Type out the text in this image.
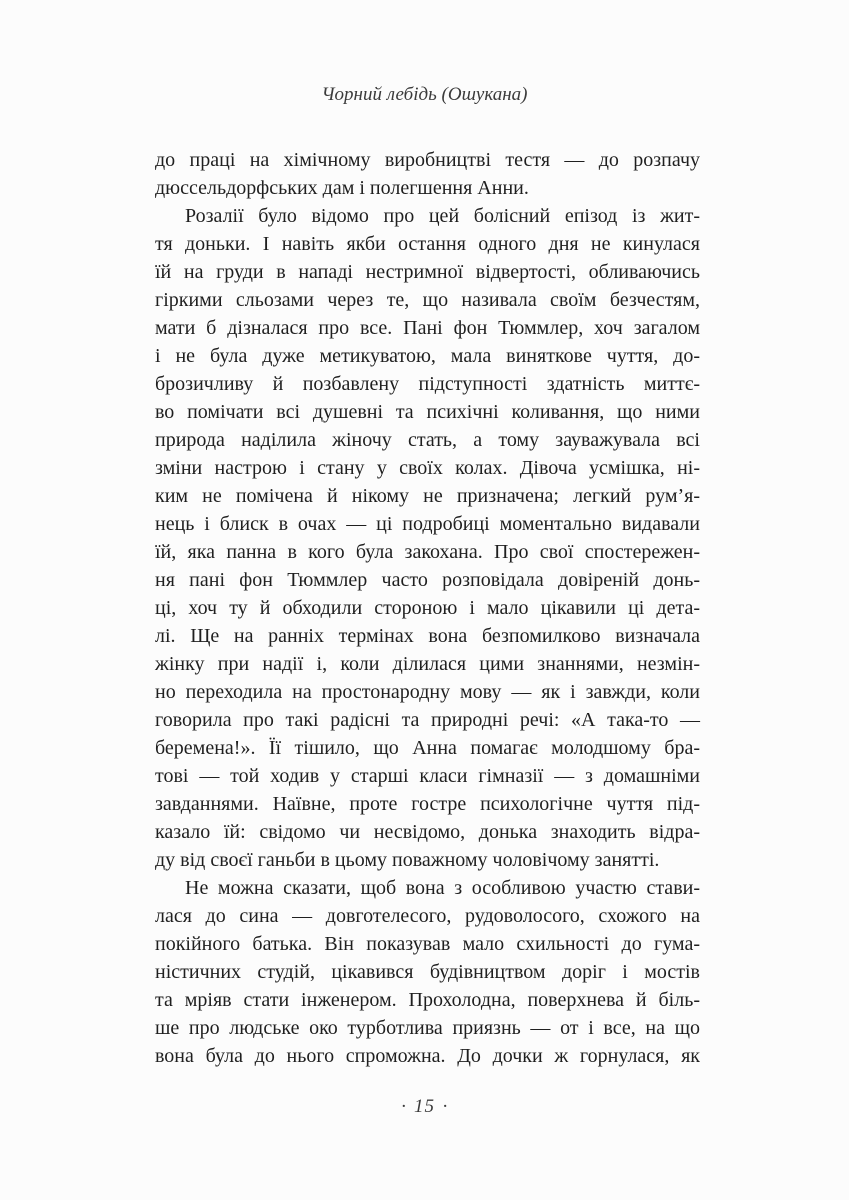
Чорний лебідь (Ошукана)
до праці на хімічному виробництві тестя — до розпачу
дюссельдорфських дам і полегшення Анни.
Розалії було відомо про цей болісний епізод із жит-
тя доньки. І навіть якби остання одного дня не кинулася
їй на груди в нападі нестримної відвертості, обливаючись
гіркими сльозами через те, що називала своїм безчестям,
мати б дізналася про все. Пані фон Тюммлер, хоч загалом
і не була дуже метикуватою, мала виняткове чуття, до-
брозичливу й позбавлену підступності здатність миттє-
во помічати всі душевні та психічні коливання, що ними
природа наділила жіночу стать, а тому зауважувала всі
зміни настрою і стану у своїх колах. Дівоча усмішка, ні-
ким не помічена й нікому не призначена; легкий рум’я-
нець і блиск в очах — ці подробиці моментально видавали
їй, яка панна в кого була закохана. Про свої спостережен-
ня пані фон Тюммлер часто розповідала довіреній донь-
ці, хоч ту й обходили стороною і мало цікавили ці дета-
лі. Ще на ранніх термінах вона безпомилково визначала
жінку при надії і, коли ділилася цими знаннями, незмін-
но переходила на простонародну мову — як і завжди, коли
говорила про такі радісні та природні речі: «А така-то —
беремена!». Її тішило, що Анна помагає молодшому бра-
тові — той ходив у старші класи гімназії — з домашніми
завданнями. Наївне, проте гостре психологічне чуття під-
казало їй: свідомо чи несвідомо, донька знаходить відра-
ду від своєї ганьби в цьому поважному чоловічому занятті.
Не можна сказати, щоб вона з особливою участю стави-
лася до сина — довготелесого, рудоволосого, схожого на
покійного батька. Він показував мало схильності до гума-
ністичних студій, цікавився будівництвом доріг і мостів
та мріяв стати інженером. Прохолодна, поверхнева й біль-
ше про людське око турботлива приязнь — от і все, на що
вона була до нього спроможна. До дочки ж горнулася, як
· 15 ·
